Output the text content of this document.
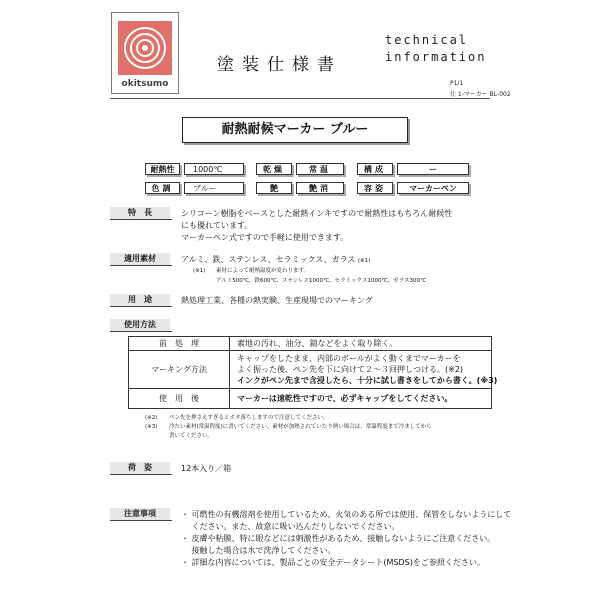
okitsumo
塗装仕様書
technical
information
P1/1
仕 1-マーカー BL-002
耐熱耐候マーカー ブルー
耐熱性	1000℃	乾燥	常温	構成	ー
色調	ブルー	艶	艶消	容姿	マーカーペン
特　長	シリコーン樹脂をベースとした耐熱インキですので耐熱性はもちろん耐候性
にも優れています。
マーカーペン式ですので手軽に使用できます。
適用素材	アルミ、鉄、ステンレス、セラミックス、ガラス (※1)
(※1) 素材によって耐熱温度が変わります。
アルミ500℃、鉄600℃、ステンレス1000℃、セラミックス1000℃、ガラス300℃
用　途	熱処理工業、各種の熱実験、生産現場でのマーキング
使用方法
前　処　理	素地の汚れ、油分、錆などをよく取り除く。
マーキング方法
キャップをしたまま、内部のボールがよく動くまでマーカーを
よく振った後、ペン先を下に向けて２～３回押しつける。(※2)
インクがペン先まで含浸したら、十分に試し書きをしてから書く。(※3)
使　用　後	マーカーは速乾性ですので、必ずキャップをしてください。
(※2) ペン先を押さえすぎるとボタ落ちしますので注意してください。
(※3) 冷たい素材(常温程度)に書いてください。素材が加熱されていたり熱い場合は、常温程度まで冷ましてから
書いてください。
荷　姿	12本入り／箱
注意事項	・ 可燃性の有機溶剤を使用しているため、火気のある所では使用、保管をしないようにして
　 ください。また、故意に吸い込んだりしないでください。
・ 皮膚や粘膜、特に眼などには刺激性があるため、接触しないようにご注意ください。
　 接触した場合は水で洗浄してください。
・ 詳細な内容については、製品ごとの安全データシート(MSDS)をご参照ください。
